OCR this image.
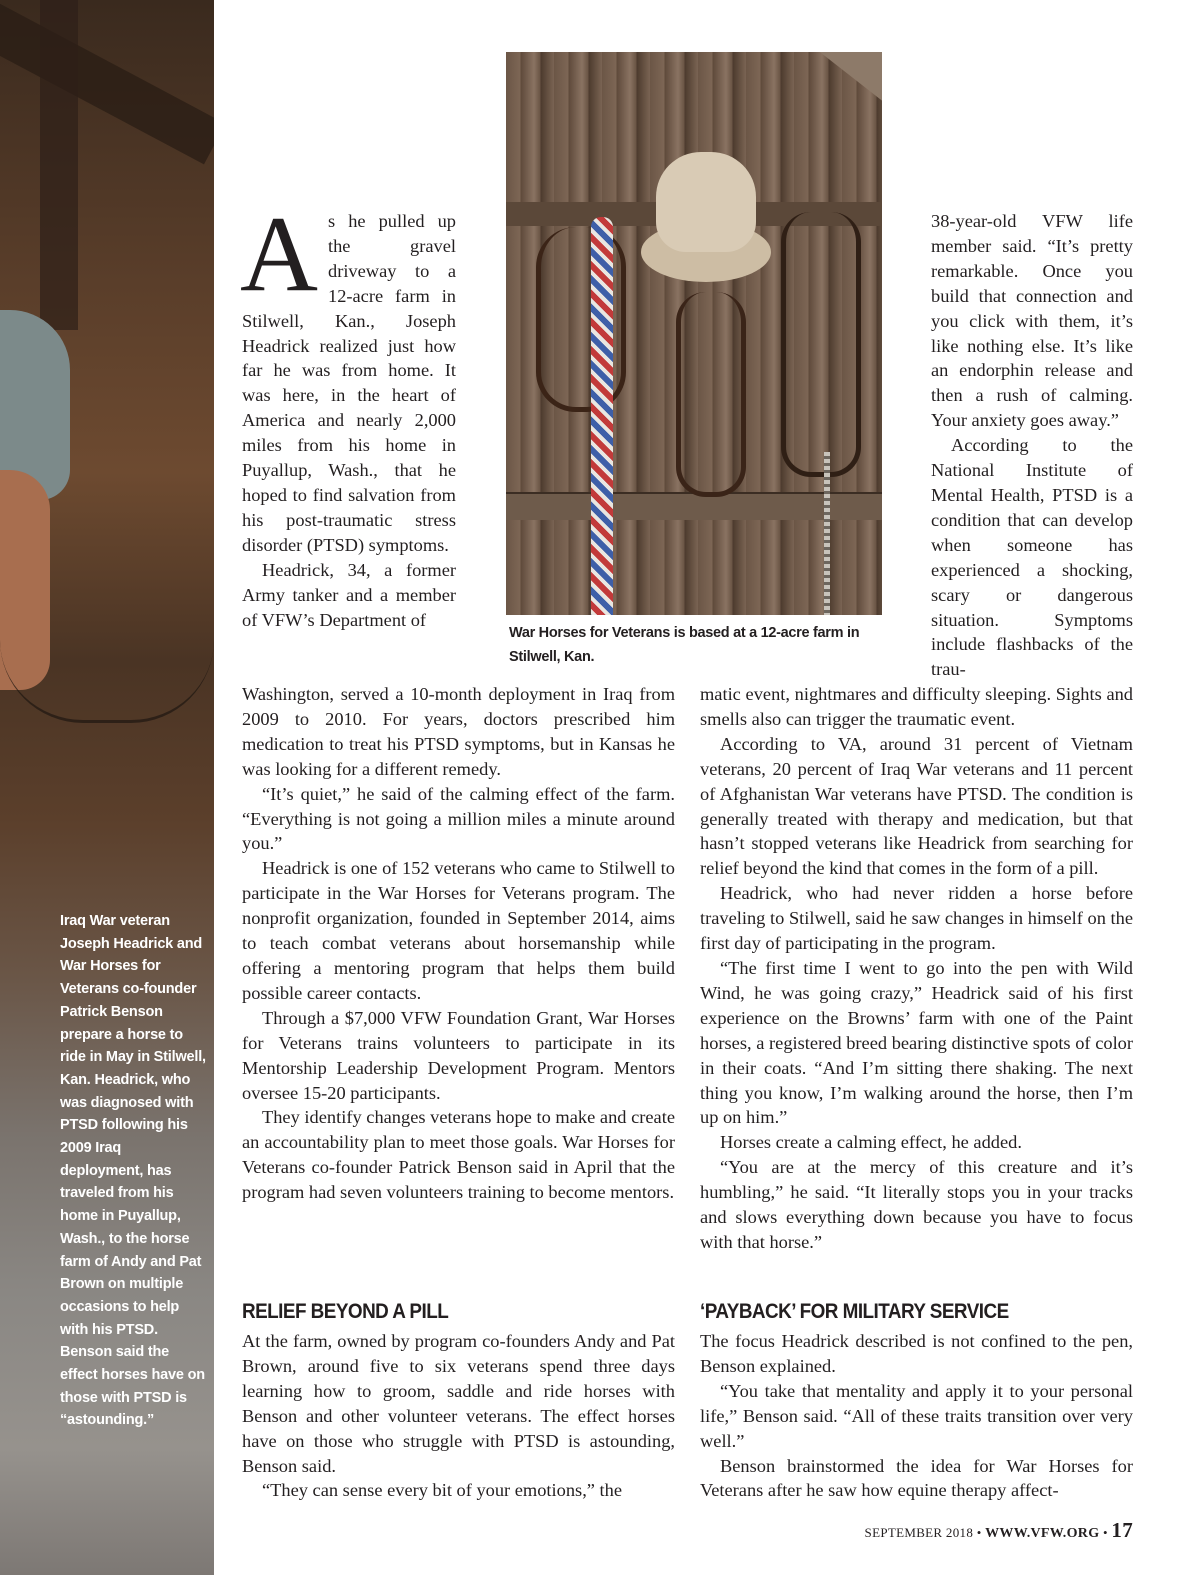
Iraq War veteran Joseph Headrick and War Horses for Veterans co-founder Patrick Benson prepare a horse to ride in May in Stilwell, Kan. Headrick, who was diagnosed with PTSD following his 2009 Iraq deployment, has traveled from his home in Puyallup, Wash., to the horse farm of Andy and Pat Brown on multiple occasions to help with his PTSD. Benson said the effect horses have on those with PTSD is “astounding.”

As he pulled up the gravel driveway to a 12-acre farm in Stilwell, Kan., Joseph Headrick realized just how far he was from home. It was here, in the heart of America and nearly 2,000 miles from his home in Puyallup, Wash., that he hoped to find salvation from his post-traumatic stress disorder (PTSD) symptoms.

Headrick, 34, a former Army tanker and a member of VFW’s Department of

War Horses for Veterans is based at a 12-acre farm in Stilwell, Kan.

38-year-old VFW life member said. “It’s pretty remarkable. Once you build that connection and you click with them, it’s like nothing else. It’s like an endorphin release and then a rush of calming. Your anxiety goes away.”

According to the National Institute of Mental Health, PTSD is a condition that can develop when someone has experienced a shocking, scary or dangerous situation. Symptoms include flashbacks of the trau-

Washington, served a 10-month deployment in Iraq from 2009 to 2010. For years, doctors prescribed him medication to treat his PTSD symptoms, but in Kansas he was looking for a different remedy.

“It’s quiet,” he said of the calming effect of the farm. “Everything is not going a million miles a minute around you.”

Headrick is one of 152 veterans who came to Stilwell to participate in the War Horses for Veterans program. The nonprofit organization, founded in September 2014, aims to teach combat veterans about horsemanship while offering a mentoring program that helps them build possible career contacts.

Through a $7,000 VFW Foundation Grant, War Horses for Veterans trains volunteers to participate in its Mentorship Leadership Development Program. Mentors oversee 15-20 participants.

They identify changes veterans hope to make and create an accountability plan to meet those goals. War Horses for Veterans co-founder Patrick Benson said in April that the program had seven volunteers training to become mentors.

RELIEF BEYOND A PILL

At the farm, owned by program co-founders Andy and Pat Brown, around five to six veterans spend three days learning how to groom, saddle and ride horses with Benson and other volunteer veterans. The effect horses have on those who struggle with PTSD is astounding, Benson said.

“They can sense every bit of your emotions,” the

matic event, nightmares and difficulty sleeping. Sights and smells also can trigger the traumatic event.

According to VA, around 31 percent of Vietnam veterans, 20 percent of Iraq War veterans and 11 percent of Afghanistan War veterans have PTSD. The condition is generally treated with therapy and medication, but that hasn’t stopped veterans like Headrick from searching for relief beyond the kind that comes in the form of a pill.

Headrick, who had never ridden a horse before traveling to Stilwell, said he saw changes in himself on the first day of participating in the program.

“The first time I went to go into the pen with Wild Wind, he was going crazy,” Headrick said of his first experience on the Browns’ farm with one of the Paint horses, a registered breed bearing distinctive spots of color in their coats. “And I’m sitting there shaking. The next thing you know, I’m walking around the horse, then I’m up on him.”

Horses create a calming effect, he added.

“You are at the mercy of this creature and it’s humbling,” he said. “It literally stops you in your tracks and slows everything down because you have to focus with that horse.”

‘PAYBACK’ FOR MILITARY SERVICE

The focus Headrick described is not confined to the pen, Benson explained.

“You take that mentality and apply it to your personal life,” Benson said. “All of these traits transition over very well.”

Benson brainstormed the idea for War Horses for Veterans after he saw how equine therapy affect-

SEPTEMBER 2018 • WWW.VFW.ORG • 17
